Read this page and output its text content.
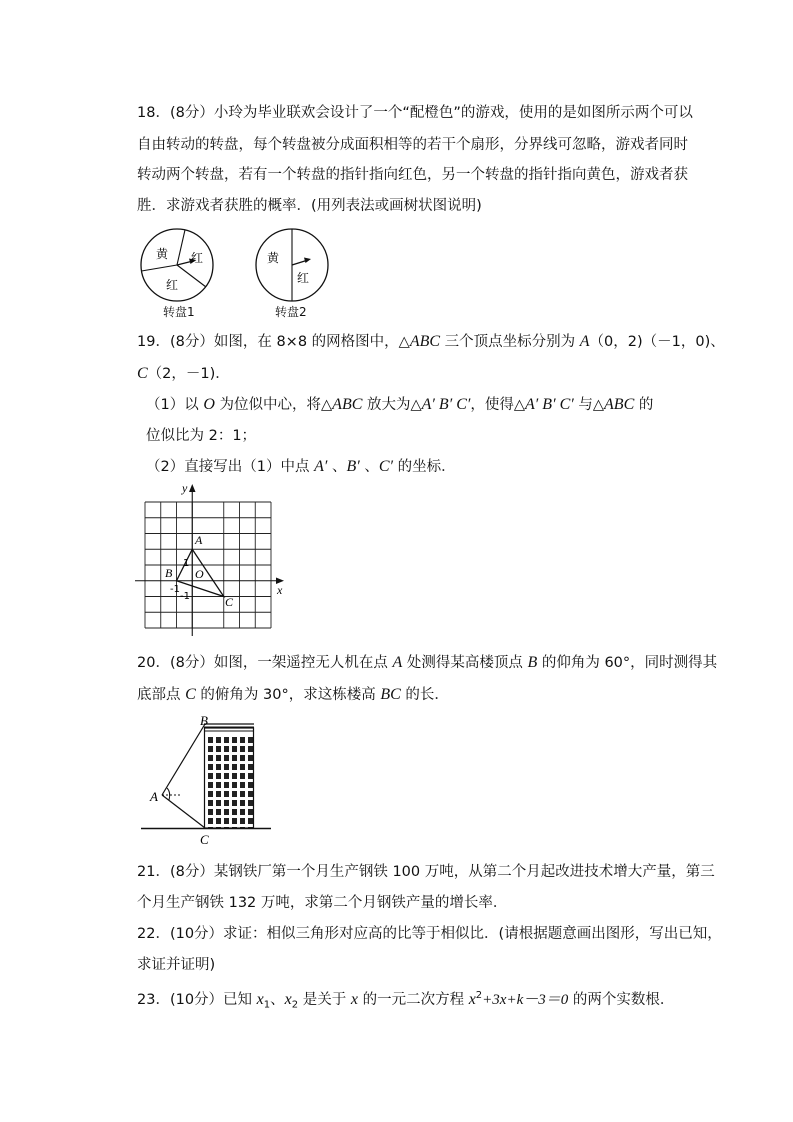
18．(8分）小玲为毕业联欢会设计了一个“配橙色”的游戏，使用的是如图所示两个可以
自由转动的转盘，每个转盘被分成面积相等的若干个扇形，分界线可忽略，游戏者同时
转动两个转盘，若有一个转盘的指针指向红色，另一个转盘的指针指向黄色，游戏者获
胜．求游戏者获胜的概率．(用列表法或画树状图说明)
黄 红
红
转盘1
黄
红
转盘2
19．(8分）如图，在 8×8 的网格图中，△ABC 三个顶点坐标分别为 A（0，2)（－1，0)、
C（2，－1)．
（1）以 O 为位似中心，将△ABC 放大为△A′ B′ C′，使得△A′ B′ C′ 与△ABC 的
位似比为 2：1；
（2）直接写出（1）中点 A′ 、B′ 、C′ 的坐标．
y
x
A
B
C
O
1
-1
-1
20．(8分）如图，一架遥控无人机在点 A 处测得某高楼顶点 B 的仰角为 60°，同时测得其
底部点 C 的俯角为 30°，求这栋楼高 BC 的长．
B
A
C
21．(8分）某钢铁厂第一个月生产钢铁 100 万吨，从第二个月起改进技术增大产量，第三
个月生产钢铁 132 万吨，求第二个月钢铁产量的增长率．
22．(10分）求证：相似三角形对应高的比等于相似比．(请根据题意画出图形，写出已知，
求证并证明)
23．(10分）已知 $x_1$、$x_2$ 是关于 x 的一元二次方程 $x^2+3x+k-3=0$ 的两个实数根．
